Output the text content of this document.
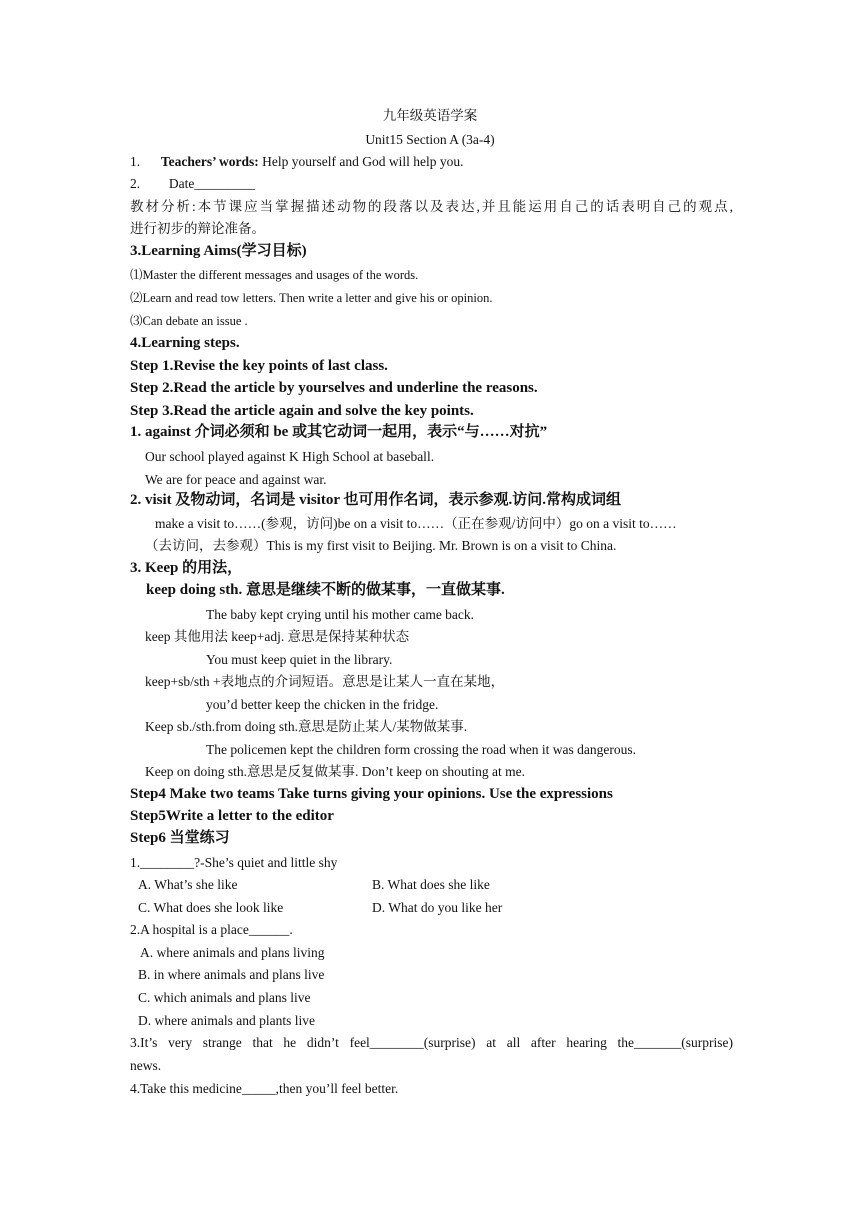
九年级英语学案
Unit15 Section A (3a-4)
1. Teachers’ words: Help yourself and God will help you.
2. Date_________
教材分析:本节课应当掌握描述动物的段落以及表达,并且能运用自己的话表明自己的观点,
进行初步的辩论准备。
3.Learning Aims(学习目标)
⑴Master the different messages and usages of the words.
⑵Learn and read tow letters. Then write a letter and give his or opinion.
⑶Can debate an issue .
4.Learning steps.
Step 1.Revise the key points of last class.
Step 2.Read the article by yourselves and underline the reasons.
Step 3.Read the article again and solve the key points.
1. against 介词必须和 be 或其它动词一起用，表示“与……对抗”
Our school played against K High School at baseball.
We are for peace and against war.
2. visit 及物动词，名词是 visitor 也可用作名词，表示参观.访问.常构成词组
make a visit to……(参观，访问)be on a visit to……（正在参观/访问中）go on a visit to……
（去访问，去参观）This is my first visit to Beijing. Mr. Brown is on a visit to China.
3. Keep 的用法，
keep doing sth. 意思是继续不断的做某事，一直做某事.
The baby kept crying until his mother came back.
keep 其他用法 keep+adj. 意思是保持某种状态
You must keep quiet in the library.
keep+sb/sth +表地点的介词短语。意思是让某人一直在某地，
you’d better keep the chicken in the fridge.
Keep sb./sth.from doing sth.意思是防止某人/某物做某事.
The policemen kept the children form crossing the road when it was dangerous.
Keep on doing sth.意思是反复做某事. Don’t keep on shouting at me.
Step4 Make two teams Take turns giving your opinions. Use the expressions
Step5Write a letter to the editor
Step6 当堂练习
1.________?-She’s quiet and little shy
A. What’s she like	B. What does she like
C. What does she look like	D. What do you like her
2.A hospital is a place______.
A. where animals and plans living
B. in where animals and plans live
C. which animals and plans live
D. where animals and plants live
3.It’s very strange that he didn’t feel________(surprise) at all after hearing the_______(surprise)
news.
4.Take this medicine_____,then you’ll feel better.
